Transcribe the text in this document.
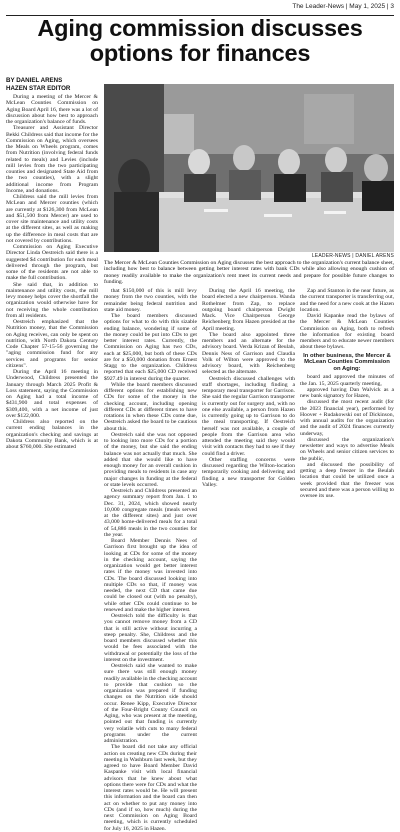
The Leader-News | May 1, 2025 | 3
Aging commission discusses
options for finances
BY DANIEL ARENS
HAZEN STAR EDITOR

During a meeting of the Mercer & McLean Counties Commission on Aging Board April 16, there was a lot of discussion about how best to approach the organization's balance of funds.

Treasurer and Assistant Director Bekki Childress said that income for the Commission on Aging, which oversees the Meals on Wheels program, comes from Nutrition (involving federal funds related to meals) and Levies (include mill levies from the two participating counties and designated State Aid from the two counties), with a slight additional income from Program Income, and donations.

Childress said the mill levies from McLean and Mercer counties (which are currently at $126,300 from McLean and $51,500 from Mercer) are used to cover site maintenance and utility costs at the different sites, as well as making up the difference in meal costs that are not covered by contributions.

Commission on Aging Executive Director Linda Oestreich said there is a suggested $4 contribution for each meal delivered through the program, but some of the residents are not able to make the full contribution.

She said that, in addition to maintenance and utility costs, the mill levy money helps cover the shortfall the organization would otherwise have for not receiving the whole contribution from all residents.

Oestreich emphasized that the Nutrition money, that the Commission on Aging receives, can only be spent on nutrition, with North Dakota Century Code Chapter 57-15-56 governing the "aging commission fund for any services and programs for senior citizens".

During the April 16 meeting in Underwood, Childress presented the January through March 2025 Profit & Loss statement, saying the Commission on Aging had a total income of $431,900 and total expenses of $309,400, with a net income of just over $122,000.

Childress also reported on the current ending balances in the organization's checking and savings at Dakota Community Bank, which is at about $760,000. She estimated

LEADER-NEWS | DANIEL ARENS
The Mercer & McLean Counties Commission on Aging discusses the best approach to the organization's current balance sheet, including how best to balance between getting better interest rates with bank CDs while also allowing enough cushion of money readily available to make the organization's rent meet its current needs and prepare for possible future changes to funding.

that $150,000 of this is mill levy money from the two counties, with the remainder being federal nutrition and state aid money.

The board members discussed options for what to do with this sizable ending balance, wondering if some of the money could be put into CDs to get better interest rates. Currently, the Commission on Aging has two CDs, each at $25,000, but both of these CDs are for a $50,000 donation from Ernest Stagg to the organization. Childress reported that each $25,000 CD received $927.49 in interest during the quarter.

While the board members discussed different options for establishing new CDs for some of the money in the checking account, including opening different CDs at different times to have rotations in when these CDs come due, Oestreich asked the board to be cautious about this.

Oestreich said she was not opposed to looking into more CDs for a portion of the money, but she said the ending balance was not actually that much. She added that she would like to have enough money for an overall cushion in providing meals to residents in case any major changes in funding at the federal or state levels occurred.

Oestreich and Childress presented an agency summary report from Jan. 1 to Dec. 31, 2024, which showed nearly 10,000 congregate meals (meals served at the different sites) and just over 43,000 home-delivered meals for a total of 54,886 meals in the two counties for the year.

Board Member Dennis Nees of Garrison first brought up the idea of looking at CDs for some of the money in the checking account, saying the organization would get better interest rates if the money was invested into CDs. The board discussed looking into multiple CDs so that, if money was needed, the next CD that came due could be closed out (with no penalty), while other CDs could continue to be renewed and make the higher interest.

Oestreich told the difficulty is that you cannot remove money from a CD that is still active without incurring a steep penalty. She, Childress and the board members discussed whether this would be fees associated with the withdrawal or potentially the loss of the interest on the investment.

Oestreich said she wanted to make sure there was still enough money readily available in the checking account to provide that cushion so the organization was prepared if funding changes on the Nutrition side should occur. Renee Kipp, Executive Director of the Four-Bright County Council on Aging, who was present at the meeting, pointed out that funding is currently very volatile with cuts to many federal programs under the current administration.

The board did not take any official action on creating new CDs during their meeting in Washburn last week, but they agreed to have Board Member David Kaspanke visit with local financial advisors that he knew about what options there were for CDs and what the interest rates would be. He will present this information and the board can then act on whether to put any money into CDs (and if so, how much) during the next Commission on Aging Board meeting, which is currently scheduled for July 16, 2025 in Hazen.

During the April 16 meeting, the board elected a new chairperson. Wanda Rothelmer from Zap, to replace outgoing board chairperson Dwight Mack. Vice Chairperson George Reichenberg from Hazen presided at the April meeting.

The board also appointed three members and an alternate for the advisory board. Verda Krizan of Beulah, Dennis Ness of Garrison and Claudia Volk of Wilton were approved to the advisory board, with Reichenberg selected as the alternate.

Oestreich discussed challenges with staff shortages, including finding a temporary meal transporter for Garrison. She said the regular Garrison transporter is currently out for surgery and, with no one else available, a person from Hazen is currently going up to Garrison to do the meal transporting. If Oestreich herself was not available, a couple of people from the Garrison area who attended the meeting said they would visit with contacts they had to see if they could find a driver.

Other staffing concerns were discussed regarding the Wilton-location temporarily cooking and delivering and finding a new transporter for Golden Valley.

Zap and Stanton in the near future, as the current transporter is transferring out, and the need for a new cook at the Hazen location.

David Kapanke read the bylaws of the Mercer & McLean Counties Commission on Aging, both to refresh the information for existing board members and to educate newer members about these bylaws.

In other business, the Mercer & McLean Counties Commission on Aging:

board and approved the minutes of the Jan. 15, 2025 quarterly meeting,

approved having Dan Walvick as a new bank signatory for Hazen,

discussed the most recent audit (for the 2023 financial year), performed by Hoover + Rudakowski out of Dickinson, with annual audits for the organization and the audit of 2024 finances currently underway,

discussed the organization's newsletter and ways to advertise Meals on Wheels and senior citizen services to the public,

and discussed the possibility of getting a deep freezer in the Beulah location that could be utilized once a week provided that the freezer was secured and there was a person willing to oversee its use.
